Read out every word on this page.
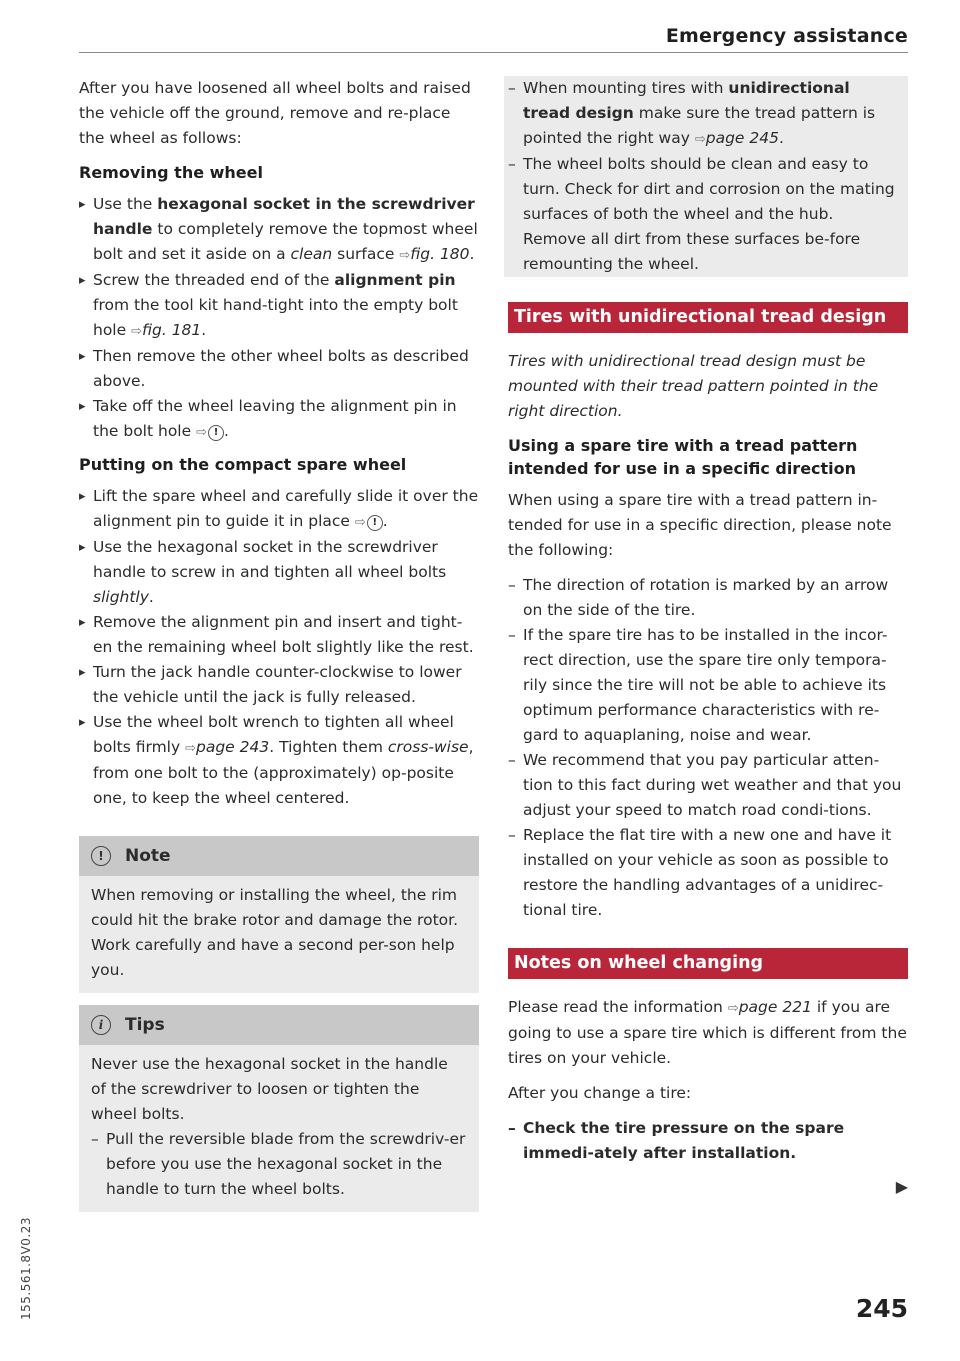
Emergency assistance

After you have loosened all wheel bolts and raised the vehicle off the ground, remove and re-place the wheel as follows:

Removing the wheel
▸ Use the hexagonal socket in the screwdriver handle to completely remove the topmost wheel bolt and set it aside on a clean surface ⇨fig. 180.
▸ Screw the threaded end of the alignment pin from the tool kit hand-tight into the empty bolt hole ⇨fig. 181.
▸ Then remove the other wheel bolts as described above.
▸ Take off the wheel leaving the alignment pin in the bolt hole ⇨ ! .
Putting on the compact spare wheel
▸ Lift the spare wheel and carefully slide it over the alignment pin to guide it in place ⇨ ! .
▸ Use the hexagonal socket in the screwdriver handle to screw in and tighten all wheel bolts slightly.
▸ Remove the alignment pin and insert and tight-en the remaining wheel bolt slightly like the rest.
▸ Turn the jack handle counter-clockwise to lower the vehicle until the jack is fully released.
▸ Use the wheel bolt wrench to tighten all wheel bolts firmly ⇨page 243. Tighten them cross-wise, from one bolt to the (approximately) op-posite one, to keep the wheel centered.
!	Note
When removing or installing the wheel, the rim could hit the brake rotor and damage the rotor. Work carefully and have a second per-son help you.
i	Tips

Never use the hexagonal socket in the handle of the screwdriver to loosen or tighten the wheel bolts.

– Pull the reversible blade from the screwdriv-er before you use the hexagonal socket in the handle to turn the wheel bolts.
– When mounting tires with unidirectional tread design make sure the tread pattern is pointed the right way ⇨page 245.
– The wheel bolts should be clean and easy to turn. Check for dirt and corrosion on the mating surfaces of both the wheel and the hub. Remove all dirt from these surfaces be-fore remounting the wheel.
Tires with unidirectional tread design

Tires with unidirectional tread design must be mounted with their tread pattern pointed in the right direction.

Using a spare tire with a tread pattern intended for use in a specific direction

When using a spare tire with a tread pattern in-tended for use in a specific direction, please note the following:

– The direction of rotation is marked by an arrow on the side of the tire.
– If the spare tire has to be installed in the incor-rect direction, use the spare tire only tempora-rily since the tire will not be able to achieve its optimum performance characteristics with re-gard to aquaplaning, noise and wear.
– We recommend that you pay particular atten-tion to this fact during wet weather and that you adjust your speed to match road condi-tions.
– Replace the flat tire with a new one and have it installed on your vehicle as soon as possible to restore the handling advantages of a unidirec-tional tire.
Notes on wheel changing

Please read the information ⇨page 221 if you are going to use a spare tire which is different from the tires on your vehicle.

After you change a tire:

– Check the tire pressure on the spare immedi-ately after installation.
▶
245
155.561.8V0.23
